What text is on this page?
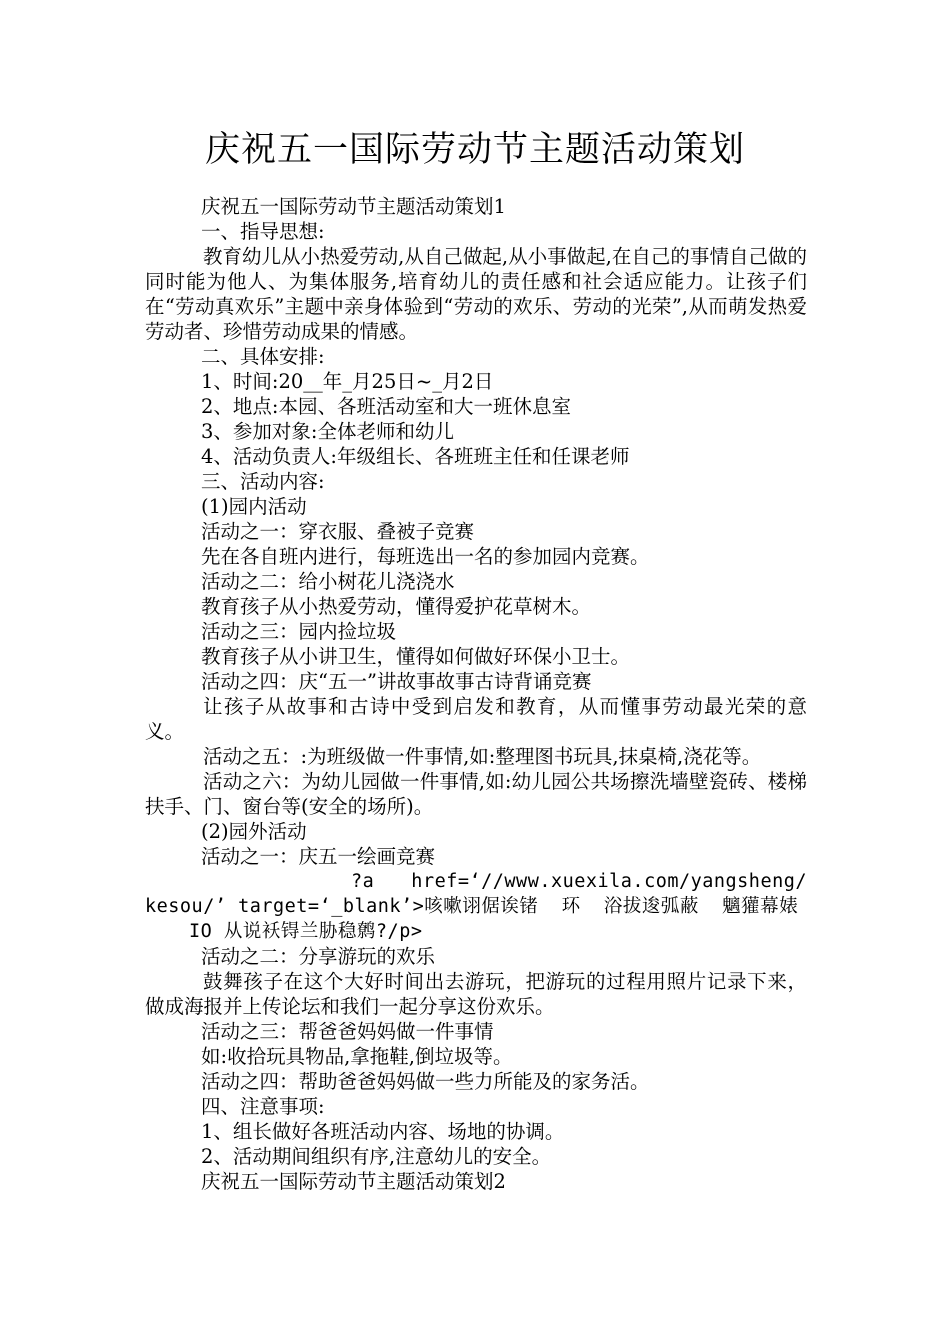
庆祝五一国际劳动节主题活动策划

庆祝五一国际劳动节主题活动策划1

一、指导思想:

教育幼儿从小热爱劳动,从自己做起,从小事做起,在自己的事情自己做的同时能为他人、为集体服务,培育幼儿的责任感和社会适应能力。让孩子们在“劳动真欢乐”主题中亲身体验到“劳动的欢乐、劳动的光荣”,从而萌发热爱劳动者、珍惜劳动成果的情感。

二、具体安排:

1、时间:20__年_月25日~_月2日

2、地点:本园、各班活动室和大一班休息室

3、参加对象:全体老师和幼儿

4、活动负责人:年级组长、各班班主任和任课老师

三、活动内容:

(1)园内活动

活动之一：穿衣服、叠被子竞赛

先在各自班内进行，每班选出一名的参加园内竞赛。

活动之二：给小树花儿浇浇水

教育孩子从小热爱劳动，懂得爱护花草树木。

活动之三：园内捡垃圾

教育孩子从小讲卫生，懂得如何做好环保小卫士。

活动之四：庆“五一”讲故事故事古诗背诵竞赛

让孩子从故事和古诗中受到启发和教育，从而懂事劳动最光荣的意义。

活动之五：:为班级做一件事情,如:整理图书玩具,抹桌椅,浇花等。

活动之六：为幼儿园做一件事情,如:幼儿园公共场擦洗墙壁瓷砖、楼梯扶手、门、窗台等(安全的场所)。

(2)园外活动

活动之一：庆五一绘画竞赛

?a   href=‘//www.xuexila.com/yangsheng/kesou/’ target=‘_blank’>咳嗽诩倨诶锗  环  浴拔逡弧蔽  魑獾幕婊

IO 从说袄锝兰胁稳鹩?/p>

活动之二：分享游玩的欢乐

鼓舞孩子在这个大好时间出去游玩，把游玩的过程用照片记录下来，做成海报并上传论坛和我们一起分享这份欢乐。

活动之三：帮爸爸妈妈做一件事情

如:收拾玩具物品,拿拖鞋,倒垃圾等。

活动之四：帮助爸爸妈妈做一些力所能及的家务活。

四、注意事项:

1、组长做好各班活动内容、场地的协调。

2、活动期间组织有序,注意幼儿的安全。

庆祝五一国际劳动节主题活动策划2
